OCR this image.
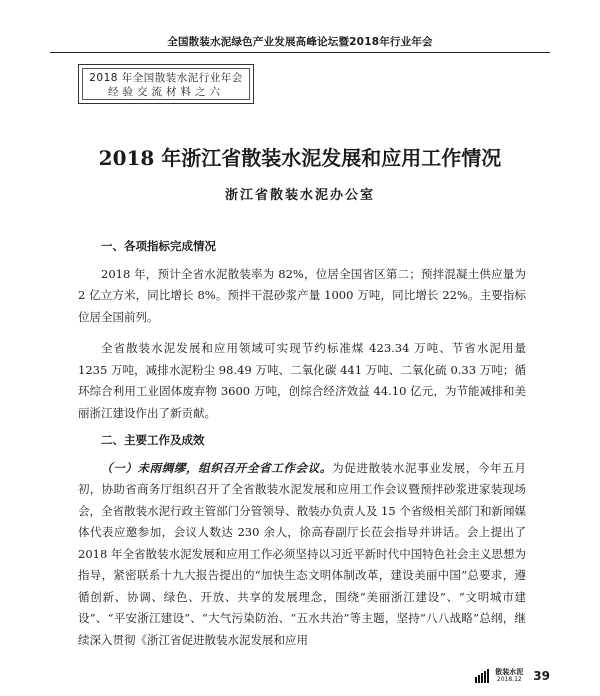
全国散装水泥绿色产业发展高峰论坛暨2018年行业年会
2018 年全国散装水泥行业年会
经验交流材料之六
2018 年浙江省散装水泥发展和应用工作情况
浙江省散装水泥办公室
一、各项指标完成情况

2018 年，预计全省水泥散装率为 82%，位居全国省区第二；预拌混凝土供应量为 2 亿立方米，同比增长 8%。预拌干混砂浆产量 1000 万吨，同比增长 22%。主要指标位居全国前列。

全省散装水泥发展和应用领域可实现节约标准煤 423.34 万吨、节省水泥用量 1235 万吨，减排水泥粉尘 98.49 万吨、二氧化碳 441 万吨、二氧化硫 0.33 万吨；循环综合利用工业固体废弃物 3600 万吨，创综合经济效益 44.10 亿元，为节能减排和美丽浙江建设作出了新贡献。

二、主要工作及成效

（一）未雨绸缪，组织召开全省工作会议。为促进散装水泥事业发展，今年五月初，协助省商务厅组织召开了全省散装水泥发展和应用工作会议暨预拌砂浆进家装现场会，全省散装水泥行政主管部门分管领导、散装办负责人及 15 个省级相关部门和新闻媒体代表应邀参加，会议人数达 230 余人，徐高春副厅长莅会指导并讲话。会上提出了 2018 年全省散装水泥发展和应用工作必须坚持以习近平新时代中国特色社会主义思想为指导，紧密联系十九大报告提出的“加快生态文明体制改革，建设美丽中国”总要求，遵循创新、协调、绿色、开放、共享的发展理念，围绕“美丽浙江建设”、“文明城市建设”、“平安浙江建设”、“大气污染防治、“五水共治”等主题，坚持“八八战略”总纲，继续深入贯彻《浙江省促进散装水泥发展和应用

散装水泥
2018.12 39
